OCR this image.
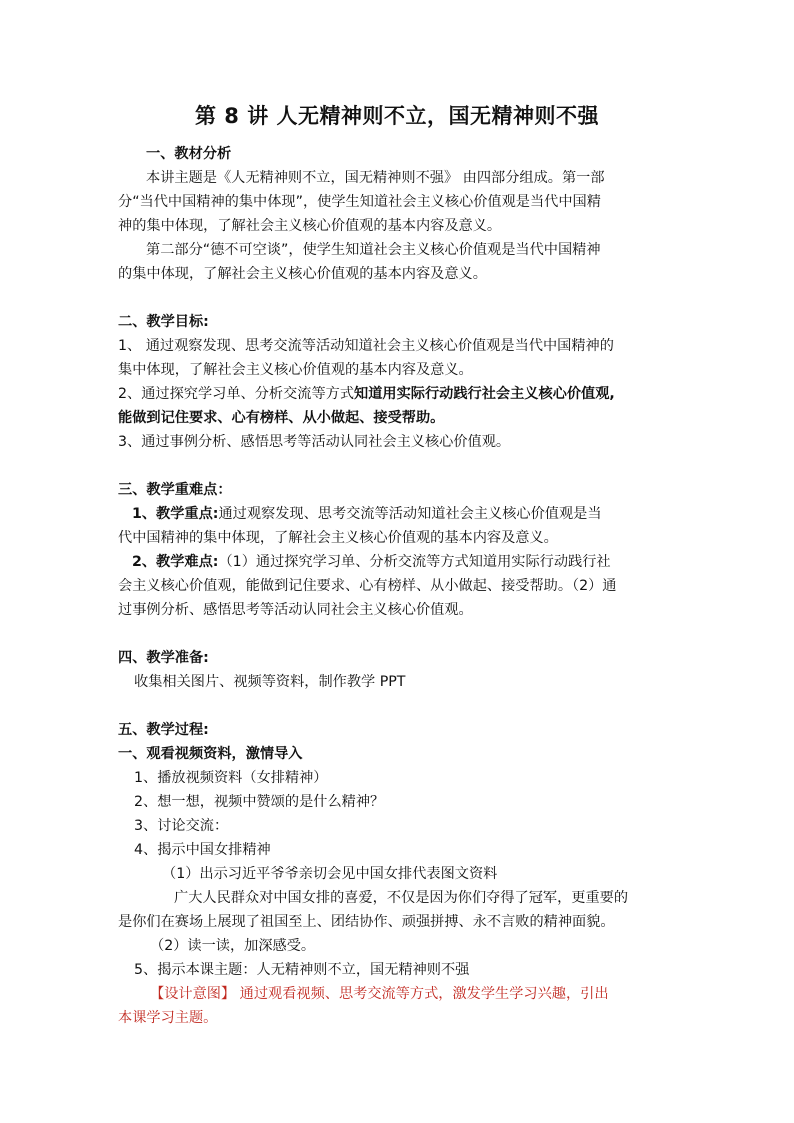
第 8 讲 人无精神则不立，国无精神则不强
一、教材分析
本讲主题是《人无精神则不立，国无精神则不强》 由四部分组成。第一部
分“当代中国精神的集中体现”，使学生知道社会主义核心价值观是当代中国精
神的集中体现，了解社会主义核心价值观的基本内容及意义。
第二部分“德不可空谈”，使学生知道社会主义核心价值观是当代中国精神
的集中体现，了解社会主义核心价值观的基本内容及意义。
二、教学目标:
1、 通过观察发现、思考交流等活动知道社会主义核心价值观是当代中国精神的
集中体现，了解社会主义核心价值观的基本内容及意义。
2、通过探究学习单、分析交流等方式知道用实际行动践行社会主义核心价值观,
能做到记住要求、心有榜样、从小做起、接受帮助。
3、通过事例分析、感悟思考等活动认同社会主义核心价值观。
三、教学重难点：
1、教学重点:通过观察发现、思考交流等活动知道社会主义核心价值观是当
代中国精神的集中体现，了解社会主义核心价值观的基本内容及意义。
2、教学难点:（1）通过探究学习单、分析交流等方式知道用实际行动践行社
会主义核心价值观，能做到记住要求、心有榜样、从小做起、接受帮助。（2）通
过事例分析、感悟思考等活动认同社会主义核心价值观。
四、教学准备:
收集相关图片、视频等资料，制作教学 PPT
五、教学过程:
一、观看视频资料，激情导入
1、播放视频资料（女排精神）
2、想一想，视频中赞颂的是什么精神？
3、讨论交流：
4、揭示中国女排精神
（1）出示习近平爷爷亲切会见中国女排代表图文资料
广大人民群众对中国女排的喜爱，不仅是因为你们夺得了冠军，更重要的
是你们在赛场上展现了祖国至上、团结协作、顽强拼搏、永不言败的精神面貌。
（2）读一读，加深感受。
5、揭示本课主题：人无精神则不立，国无精神则不强
【设计意图】 通过观看视频、思考交流等方式，激发学生学习兴趣，引出
本课学习主题。
